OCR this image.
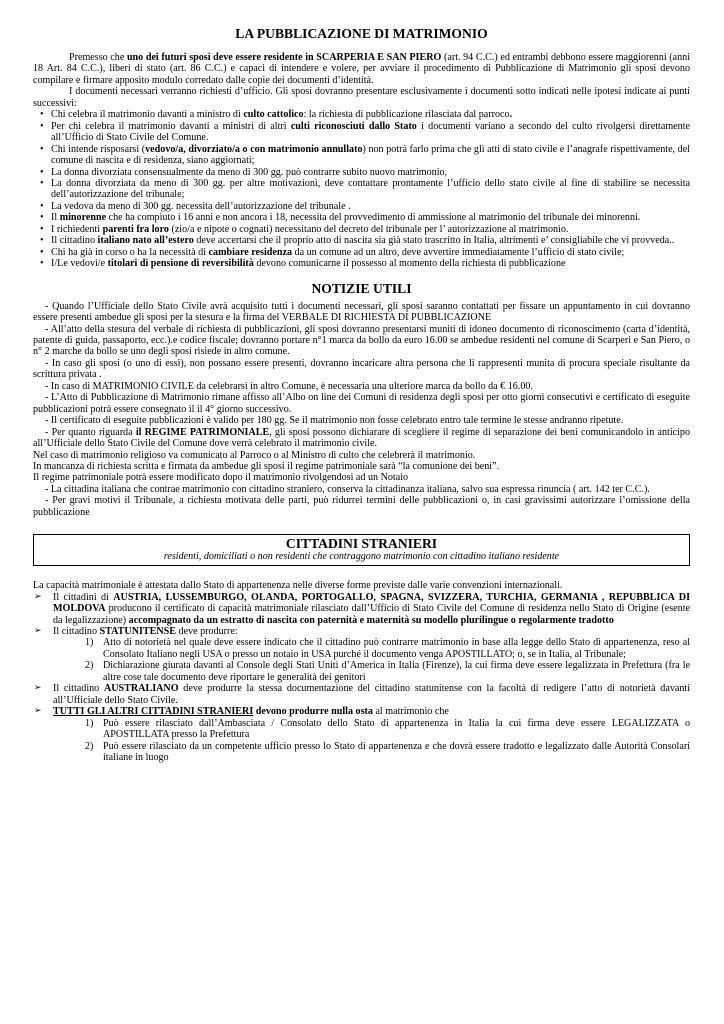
LA PUBBLICAZIONE DI MATRIMONIO

Premesso che uno dei futuri sposi deve essere residente in SCARPERIA E SAN PIERO (art. 94 C.C.) ed entrambi debbono essere maggiorenni (anni 18 Art. 84 C.C.), liberi di stato (art. 86 C.C.) e capaci di intendere e volere, per avviare il procedimento di Pubblicazione di Matrimonio gli sposi devono compilare e firmare apposito modulo corredato dalle copie dei documenti d’identità.

I documenti necessari verranno richiesti d’ufficio. Gli sposi dovranno presentare esclusivamente i documenti sotto indicati nelle ipotesi indicate ai punti successivi:

• Chi celebra il matrimonio davanti a ministro di culto cattolico: la richiesta di pubblicazione rilasciata dal parroco.
• Per chi celebra il matrimonio davanti a ministri di altri culti riconosciuti dallo Stato i documenti variano a secondo del culto rivolgersi direttamente all’Ufficio di Stato Civile del Comune.
• Chi intende risposarsi (vedovo/a, divorziato/a o con matrimonio annullato) non potrà farlo prima che gli atti di stato civile e l’anagrafe rispettivamente, del comune di nascita e di residenza, siano aggiornati;
• La donna divorziata consensualmente da meno di 300 gg. può contrarre subito nuovo matrimonio,
• La donna divorziata da meno di 300 gg. per altre motivazioni, deve contattare prontamente l’ufficio dello stato civile al fine di stabilire se necessita dell’autorizzazione del tribunale;
• La vedova da meno di 300 gg. necessita dell’autorizzazione del tribunale .
• Il minorenne che ha compiuto i 16 anni e non ancora i 18, necessita del provvedimento di ammissione al matrimonio del tribunale dei minorenni.
• I richiedenti parenti fra loro (zio/a e nipote o cognati) necessitano del decreto del tribunale per l’ autorizzazione al matrimonio.
• Il cittadino italiano nato all’estero deve accertarsi che il proprio atto di nascita sia già stato trascritto in Italia, altrimenti e’ consigliabile che vi provveda..
• Chi ha già in corso o ha la necessità di cambiare residenza da un comune ad un altro, deve avvertire immediatamente l’ufficio di stato civile;
• I/Le vedovi/e titolari di pensione di reversibilità devono comunicarne il possesso al momento della richiesta di pubblicazione
NOTIZIE UTILI

- Quando l’Ufficiale dello Stato Civile avrà acquisito tutti i documenti necessari, gli sposi saranno contattati per fissare un appuntamento in cui dovranno essere presenti ambedue gli sposi per la stesura e la firma del VERBALE DI RICHIESTA DI PUBBLICAZIONE

- All’atto della stesura del verbale di richiesta di pubblicazioni, gli sposi dovranno presentarsi muniti di idoneo documento di riconoscimento (carta d’identità, patente di guida, passaporto, ecc.).e codice fiscale; dovranno portare n°1 marca da bollo da euro 16.00 se ambedue residenti nel comune di Scarperi e San Piero, o n° 2 marche da bollo se uno degli sposi risiede in altro comune.

- In caso gli sposi (o uno di essi), non possano essere presenti, dovranno incaricare altra persona che li rappresenti munita di procura speciale risultante da scrittura privata .

- In caso di MATRIMONIO CIVILE da celebrarsi in altro Comune, è necessaria una ulteriore marca da bollo da € 16.00.

- L’Atto di Pubblicazione di Matrimonio rimane affisso all’Albo on line dei Comuni di residenza degli sposi per otto giorni consecutivi e certificato di eseguite pubblicazioni potrà essere consegnato il il 4° giorno successivo.

- Il certificato di eseguite pubblicazioni è valido per 180 gg. Se il matrimonio non fosse celebrato entro tale termine le stesse andranno ripetute.

- Per quanto riguarda il REGIME PATRIMONIALE, gli sposi possono dichiarare di scegliere il regime di separazione dei beni comunicandolo in anticipo all’Ufficiale dello Stato Civile del Comune dove verrà celebrato il matrimonio civile.

Nel caso di matrimonio religioso va comunicato al Parroco o al Ministro di culto che celebrerà il matrimonio.

In mancanza di richiesta scritta e firmata da ambedue gli sposi il regime patrimoniale sarà “la comunione dei beni”.

Il regime patrimoniale potrà essere modificato dopo il matrimonio rivolgendosi ad un Notaio

- La cittadina italiana che contrae matrimonio con cittadino straniero, conserva la cittadinanza italiana, salvo sua espressa rinuncia ( art. 142 ter C.C.).

- Per gravi motivi il Tribunale, a richiesta motivata delle parti, può ridurrei termini delle pubblicazioni o, in casi gravissimi autorizzare l’omissione della pubblicazione

CITTADINI STRANIERI
residenti, domiciliati o non residenti che contraggono matrimonio con cittadino italiano residente

La capacità matrimoniale è attestata dallo Stato di appartenenza nelle diverse forme previste dalle varie convenzioni internazionali.

➢ Il cittadini di AUSTRIA, LUSSEMBURGO, OLANDA, PORTOGALLO, SPAGNA, SVIZZERA, TURCHIA, GERMANIA , REPUBBLICA DI MOLDOVA producono il certificato di capacità matrimoniale rilasciato dall’Ufficio di Stato Civile del Comune di residenza nello Stato di Origine (esente da legalizzazione) accompagnato da un estratto di nascita con paternità e maternità su modello plurilingue o regolarmente tradotto
➢ Il cittadino STATUNITENSE deve produrre:
1) Atto di notorietà nel quale deve essere indicato che il cittadino può contrarre matrimonio in base alla legge dello Stato di appartenenza, reso al Consolato Italiano negli USA o presso un notaio in USA purché il documento venga APOSTILLATO; o, se in Italia, al Tribunale;
2) Dichiarazione giurata davanti al Console degli Stati Uniti d’America in Italia (Firenze), la cui firma deve essere legalizzata in Prefettura (fra le altre cose tale documento deve riportare le generalità dei genitori
➢ Il cittadino AUSTRALIANO deve produrre la stessa documentazione del cittadino statunitense con la facoltà di redigere l’atto di notorietà davanti all’Ufficiale dello Stato Civile.
➢ TUTTI GLI ALTRI CITTADINI STRANIERI devono produrre nulla osta al matrimonio che
1) Può essere rilasciato dall’Ambasciata / Consolato dello Stato di appartenenza in Italia la cui firma deve essere LEGALIZZATA o APOSTILLATA presso la Prefettura
2) Può essere rilasciato da un competente ufficio presso lo Stato di appartenenza e che dovrà essere tradotto e legalizzato dalle Autorità Consolari italiane in luogo
